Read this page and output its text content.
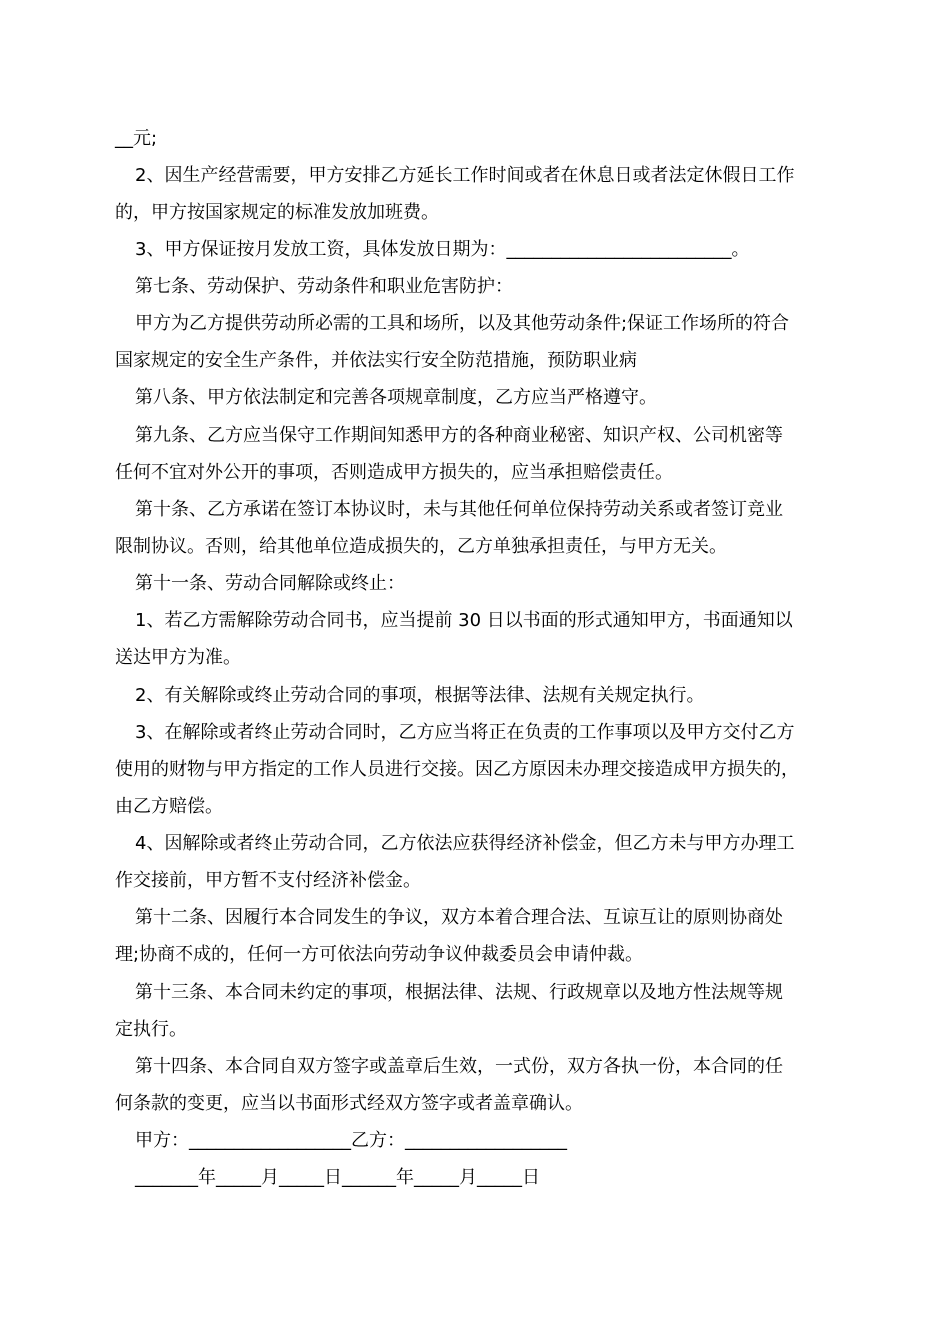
__元;
2、因生产经营需要，甲方安排乙方延长工作时间或者在休息日或者法定休假日工作
的，甲方按国家规定的标准发放加班费。
3、甲方保证按月发放工资，具体发放日期为：_________________________。
第七条、劳动保护、劳动条件和职业危害防护：
甲方为乙方提供劳动所必需的工具和场所，以及其他劳动条件;保证工作场所的符合
国家规定的安全生产条件，并依法实行安全防范措施，预防职业病
第八条、甲方依法制定和完善各项规章制度，乙方应当严格遵守。
第九条、乙方应当保守工作期间知悉甲方的各种商业秘密、知识产权、公司机密等
任何不宜对外公开的事项，否则造成甲方损失的，应当承担赔偿责任。
第十条、乙方承诺在签订本协议时，未与其他任何单位保持劳动关系或者签订竞业
限制协议。否则，给其他单位造成损失的，乙方单独承担责任，与甲方无关。
第十一条、劳动合同解除或终止：
1、若乙方需解除劳动合同书，应当提前 30 日以书面的形式通知甲方，书面通知以
送达甲方为准。
2、有关解除或终止劳动合同的事项，根据等法律、法规有关规定执行。
3、在解除或者终止劳动合同时，乙方应当将正在负责的工作事项以及甲方交付乙方
使用的财物与甲方指定的工作人员进行交接。因乙方原因未办理交接造成甲方损失的，
由乙方赔偿。
4、因解除或者终止劳动合同，乙方依法应获得经济补偿金，但乙方未与甲方办理工
作交接前，甲方暂不支付经济补偿金。
第十二条、因履行本合同发生的争议，双方本着合理合法、互谅互让的原则协商处
理;协商不成的，任何一方可依法向劳动争议仲裁委员会申请仲裁。
第十三条、本合同未约定的事项，根据法律、法规、行政规章以及地方性法规等规
定执行。
第十四条、本合同自双方签字或盖章后生效，一式份，双方各执一份，本合同的任
何条款的变更，应当以书面形式经双方签字或者盖章确认。
甲方：__________________乙方：__________________
_______年_____月_____日______年_____月_____日
